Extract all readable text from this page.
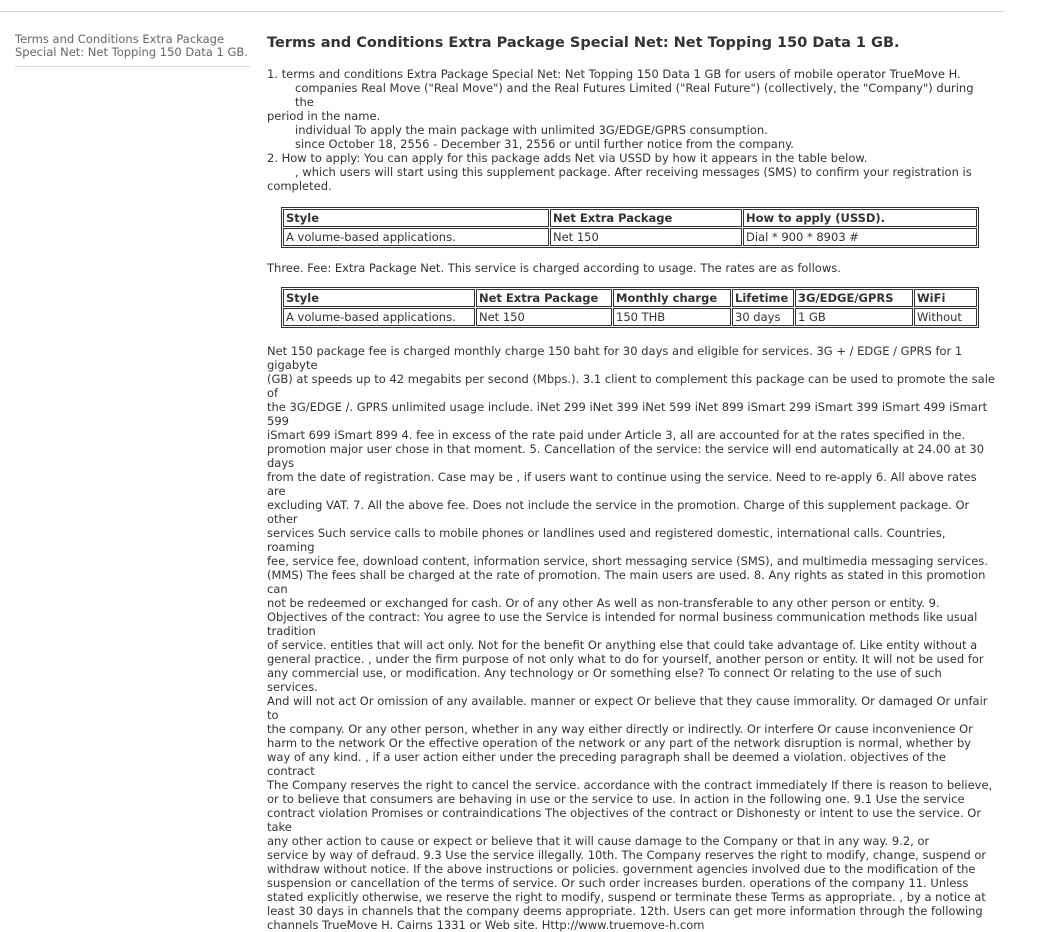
Terms and Conditions Extra Package Special Net: Net Topping 150 Data 1 GB.
Terms and Conditions Extra Package Special Net: Net Topping 150 Data 1 GB.

1. terms and conditions Extra Package Special Net: Net Topping 150 Data 1 GB for users of mobile operator TrueMove H.

companies Real Move ("Real Move") and the Real Futures Limited ("Real Future") (collectively, the "Company") during the

period in the name.

individual To apply the main package with unlimited 3G/EDGE/GPRS consumption.

since October 18, 2556 - December 31, 2556 or until further notice from the company.

2. How to apply: You can apply for this package adds Net via USSD by how it appears in the table below.

, which users will start using this supplement package. After receiving messages (SMS) to confirm your registration is

completed.

Style	Net Extra Package	How to apply (USSD).
A volume-based applications.	Net 150	Dial * 900 * 8903 #

Three. Fee: Extra Package Net. This service is charged according to usage. The rates are as follows.

Style	Net Extra Package	Monthly charge	Lifetime	3G/EDGE/GPRS	WiFi
A volume-based applications.	Net 150	150 THB	30 days	1 GB	Without
Net 150 package fee is charged monthly charge 150 baht for 30 days and eligible for services. 3G + / EDGE / GPRS for 1 gigabyte
(GB) at speeds up to 42 megabits per second (Mbps.). 3.1 client to complement this package can be used to promote the sale of
the 3G/EDGE /. GPRS unlimited usage include. iNet 299 iNet 399 iNet 599 iNet 899 iSmart 299 iSmart 399 iSmart 499 iSmart 599
iSmart 699 iSmart 899 4. fee in excess of the rate paid under Article 3, all are accounted for at the rates specified in the.
promotion major user chose in that moment. 5. Cancellation of the service: the service will end automatically at 24.00 at 30 days
from the date of registration. Case may be , if users want to continue using the service. Need to re-apply 6. All above rates are
excluding VAT. 7. All the above fee. Does not include the service in the promotion. Charge of this supplement package. Or other
services Such service calls to mobile phones or landlines used and registered domestic, international calls. Countries, roaming
fee, service fee, download content, information service, short messaging service (SMS), and multimedia messaging services.
(MMS) The fees shall be charged at the rate of promotion. The main users are used. 8. Any rights as stated in this promotion can
not be redeemed or exchanged for cash. Or of any other As well as non-transferable to any other person or entity. 9.
Objectives of the contract: You agree to use the Service is intended for normal business communication methods like usual tradition
of service. entities that will act only. Not for the benefit Or anything else that could take advantage of. Like entity without a
general practice. , under the firm purpose of not only what to do for yourself, another person or entity. It will not be used for
any commercial use, or modification. Any technology or Or something else? To connect Or relating to the use of such services.
And will not act Or omission of any available. manner or expect Or believe that they cause immorality. Or damaged Or unfair to
the company. Or any other person, whether in any way either directly or indirectly. Or interfere Or cause inconvenience Or
harm to the network Or the effective operation of the network or any part of the network disruption is normal, whether by
way of any kind. , if a user action either under the preceding paragraph shall be deemed a violation. objectives of the contract
The Company reserves the right to cancel the service. accordance with the contract immediately If there is reason to believe,
or to believe that consumers are behaving in use or the service to use. In action in the following one. 9.1 Use the service
contract violation Promises or contraindications The objectives of the contract or Dishonesty or intent to use the service. Or take
any other action to cause or expect or believe that it will cause damage to the Company or that in any way. 9.2, or
service by way of defraud. 9.3 Use the service illegally. 10th. The Company reserves the right to modify, change, suspend or
withdraw without notice. If the above instructions or policies. government agencies involved due to the modification of the
suspension or cancellation of the terms of service. Or such order increases burden. operations of the company 11. Unless
stated explicitly otherwise, we reserve the right to modify, suspend or terminate these Terms as appropriate. , by a notice at
least 30 days in channels that the company deems appropriate. 12th. Users can get more information through the following
channels TrueMove H. Cairns 1331 or Web site. Http://www.truemove-h.com
